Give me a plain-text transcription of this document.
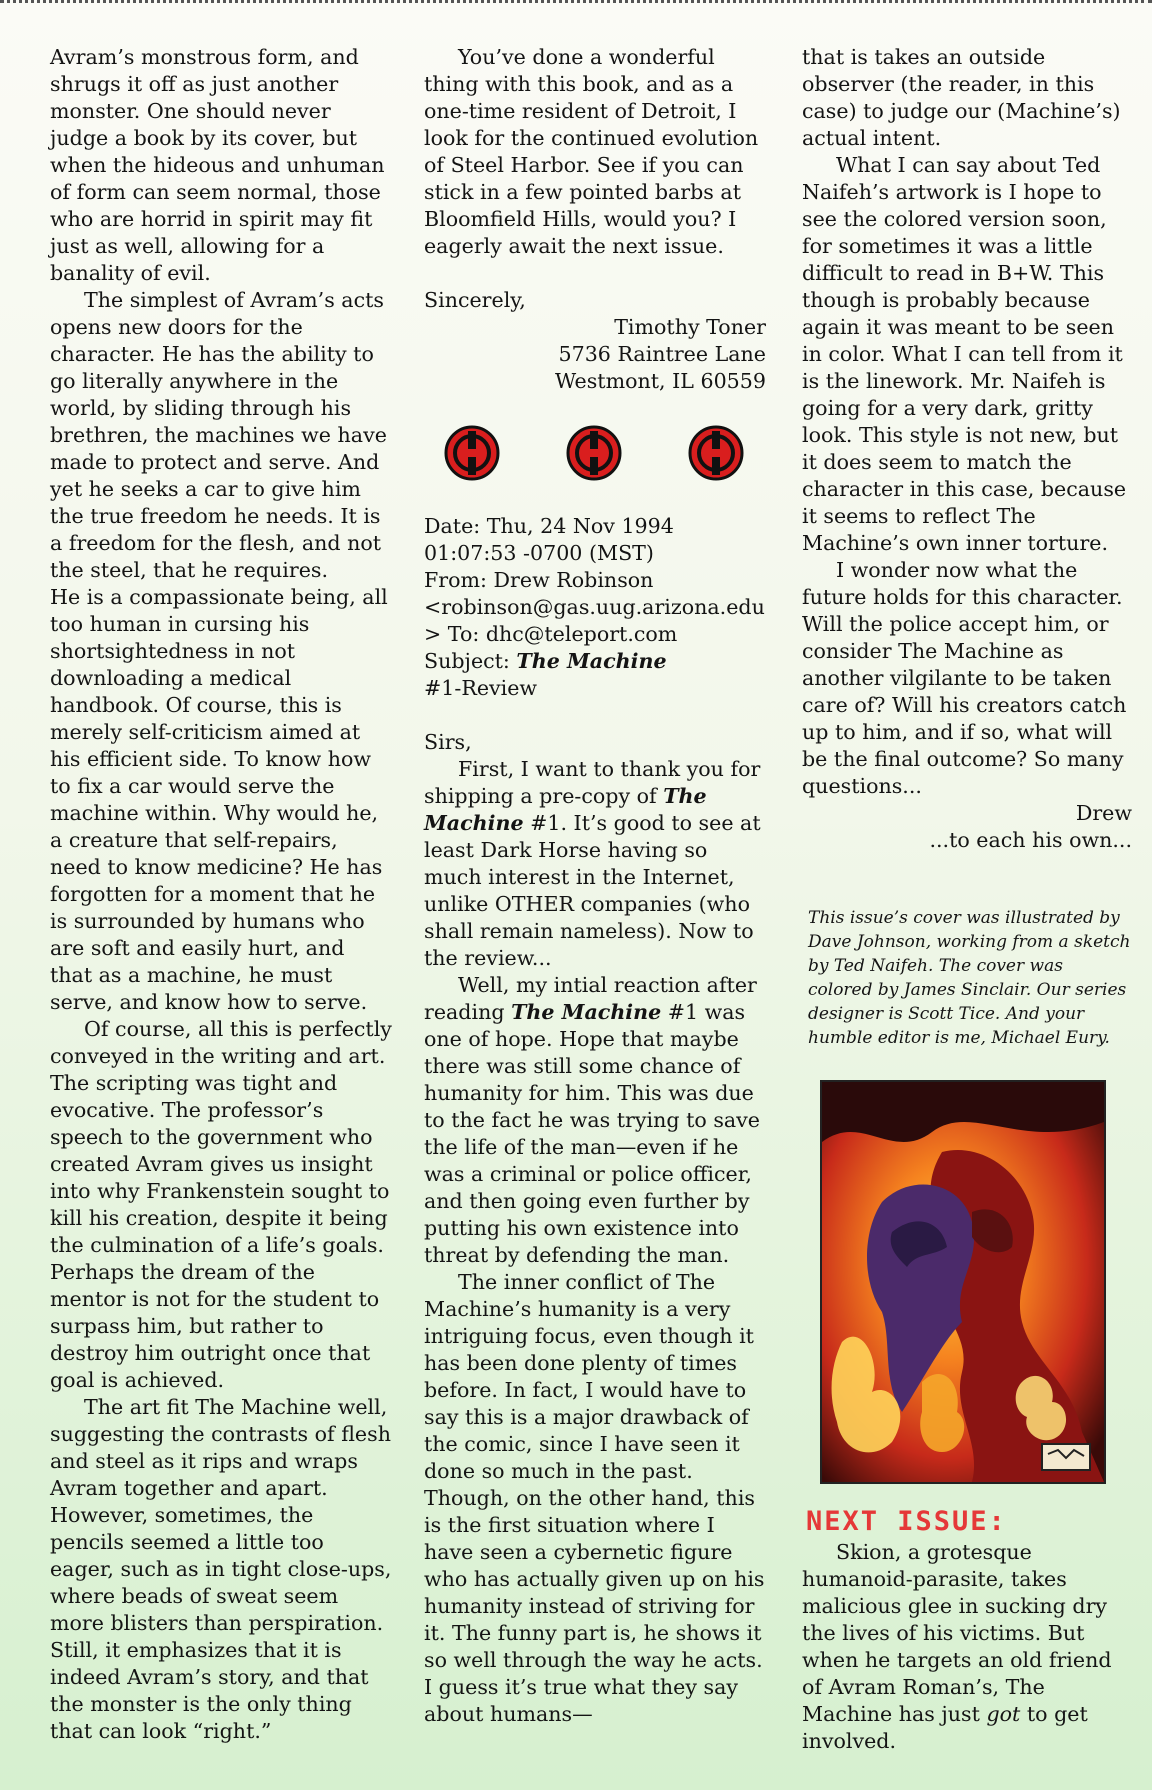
Avram’s monstrous form, and shrugs it off as just another monster. One should never judge a book by its cover, but when the hideous and unhuman of form can seem normal, those who are horrid in spirit may fit just as well, allowing for a banality of evil.

The simplest of Avram’s acts opens new doors for the character. He has the ability to go literally anywhere in the world, by sliding through his brethren, the machines we have made to protect and serve. And yet he seeks a car to give him the true freedom he needs. It is a freedom for the flesh, and not the steel, that he requires.

He is a compassionate being, all too human in cursing his shortsightedness in not downloading a medical handbook. Of course, this is merely self-criticism aimed at his efficient side. To know how to fix a car would serve the machine within. Why would he, a creature that self-repairs, need to know medicine? He has forgotten for a moment that he is surrounded by humans who are soft and easily hurt, and that as a machine, he must serve, and know how to serve.

Of course, all this is perfectly conveyed in the writing and art. The scripting was tight and evocative. The professor’s speech to the government who created Avram gives us insight into why Frankenstein sought to kill his creation, despite it being the culmination of a life’s goals. Perhaps the dream of the mentor is not for the student to surpass him, but rather to destroy him outright once that goal is achieved.

The art fit The Machine well, suggesting the contrasts of flesh and steel as it rips and wraps Avram together and apart. However, sometimes, the pencils seemed a little too eager, such as in tight close-ups, where beads of sweat seem more blisters than perspiration. Still, it emphasizes that it is indeed Avram’s story, and that the monster is the only thing that can look “right.”

You’ve done a wonderful thing with this book, and as a one-time resident of Detroit, I look for the continued evolution of Steel Harbor. See if you can stick in a few pointed barbs at Bloomfield Hills, would you? I eagerly await the next issue.

Sincerely,

Timothy Toner
5736 Raintree Lane
Westmont, IL 60559
Date: Thu, 24 Nov 1994
01:07:53 -0700 (MST)
From: Drew Robinson
<robinson@gas.uug.arizona.edu
> To: dhc@teleport.com
Subject: The Machine
#1-Review

Sirs,

First, I want to thank you for shipping a pre-copy of The Machine #1. It’s good to see at least Dark Horse having so much interest in the Internet, unlike OTHER companies (who shall remain nameless). Now to the review...

Well, my intial reaction after reading The Machine #1 was one of hope. Hope that maybe there was still some chance of humanity for him. This was due to the fact he was trying to save the life of the man—even if he was a criminal or police officer, and then going even further by putting his own existence into threat by defending the man.

The inner conflict of The Machine’s humanity is a very intriguing focus, even though it has been done plenty of times before. In fact, I would have to say this is a major drawback of the comic, since I have seen it done so much in the past. Though, on the other hand, this is the first situation where I have seen a cybernetic figure who has actually given up on his humanity instead of striving for it. The funny part is, he shows it so well through the way he acts. I guess it’s true what they say about humans—

that is takes an outside observer (the reader, in this case) to judge our (Machine’s) actual intent.

What I can say about Ted Naifeh’s artwork is I hope to see the colored version soon, for sometimes it was a little difficult to read in B+W. This though is probably because again it was meant to be seen in color. What I can tell from it is the linework. Mr. Naifeh is going for a very dark, gritty look. This style is not new, but it does seem to match the character in this case, because it seems to reflect The Machine’s own inner torture.

I wonder now what the future holds for this character. Will the police accept him, or consider The Machine as another vilgilante to be taken care of? Will his creators catch up to him, and if so, what will be the final outcome? So many questions...

Drew

...to each his own...

This issue’s cover was illustrated by Dave Johnson, working from a sketch by Ted Naifeh. The cover was colored by James Sinclair. Our series designer is Scott Tice. And your humble editor is me, Michael Eury.

NEXT ISSUE:

Skion, a grotesque humanoid-parasite, takes malicious glee in sucking dry the lives of his victims. But when he targets an old friend of Avram Roman’s, The Machine has just got to get involved.
